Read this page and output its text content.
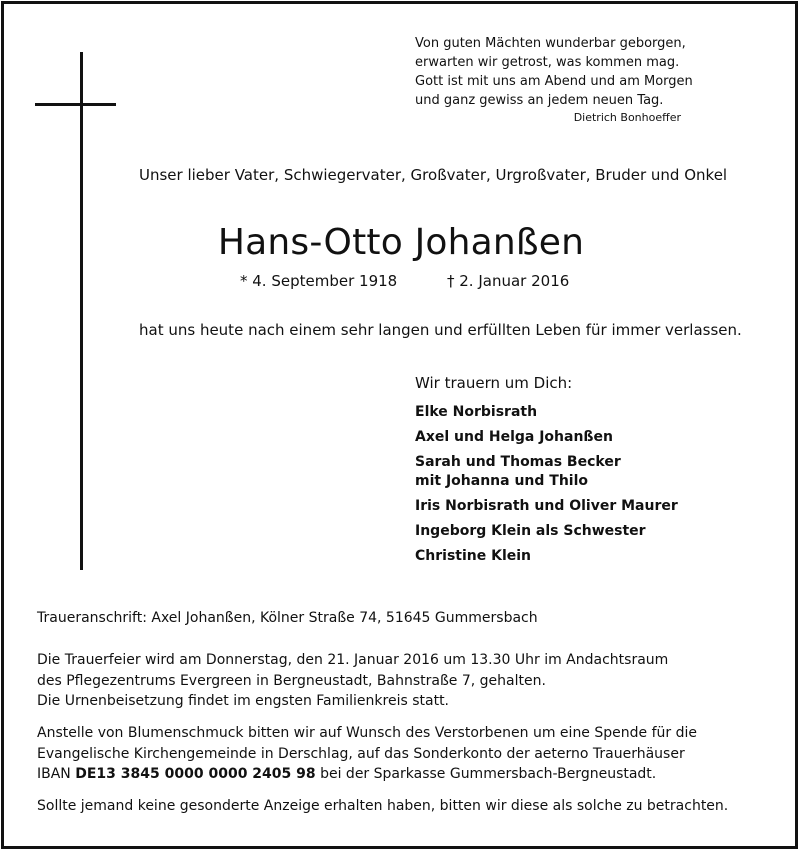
Von guten Mächten wunderbar geborgen,
erwarten wir getrost, was kommen mag.
Gott ist mit uns am Abend und am Morgen
und ganz gewiss an jedem neuen Tag.
Dietrich Bonhoeffer
Unser lieber Vater, Schwiegervater, Großvater, Urgroßvater, Bruder und Onkel
Hans-Otto Johanßen
* 4. September 1918	† 2. Januar 2016
hat uns heute nach einem sehr langen und erfüllten Leben für immer verlassen.
Wir trauern um Dich:
Elke Norbisrath
Axel und Helga Johanßen
Sarah und Thomas Becker
mit Johanna und Thilo
Iris Norbisrath und Oliver Maurer
Ingeborg Klein als Schwester
Christine Klein
Traueranschrift: Axel Johanßen, Kölner Straße 74, 51645 Gummersbach
Die Trauerfeier wird am Donnerstag, den 21. Januar 2016 um 13.30 Uhr im Andachtsraum
des Pflegezentrums Evergreen in Bergneustadt, Bahnstraße 7, gehalten.
Die Urnenbeisetzung findet im engsten Familienkreis statt.
Anstelle von Blumenschmuck bitten wir auf Wunsch des Verstorbenen um eine Spende für die
Evangelische Kirchengemeinde in Derschlag, auf das Sonderkonto der aeterno Trauerhäuser
IBAN DE13 3845 0000 0000 2405 98 bei der Sparkasse Gummersbach-Bergneustadt.
Sollte jemand keine gesonderte Anzeige erhalten haben, bitten wir diese als solche zu betrachten.
